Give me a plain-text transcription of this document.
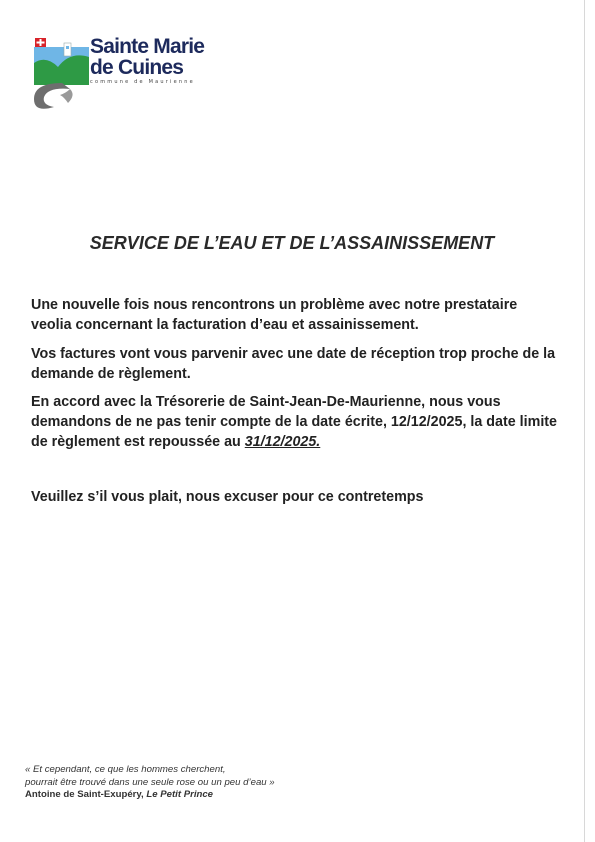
Sainte Marie
de Cuines
commune de Maurienne
SERVICE DE L’EAU ET DE L’ASSAINISSEMENT

Une nouvelle fois nous rencontrons un problème avec notre prestataire veolia concernant la facturation d’eau et assainissement.

Vos factures vont vous parvenir avec une date de réception trop proche de la demande de règlement.

En accord avec la Trésorerie de Saint-Jean-De-Maurienne, nous vous demandons de ne pas tenir compte de la date écrite, 12/12/2025, la date limite de règlement est repoussée au 31/12/2025.

Veuillez s’il vous plait, nous excuser pour ce contretemps

« Et cependant, ce que les hommes cherchent,
pourrait être trouvé dans une seule rose ou un peu d’eau »
Antoine de Saint-Exupéry, Le Petit Prince
